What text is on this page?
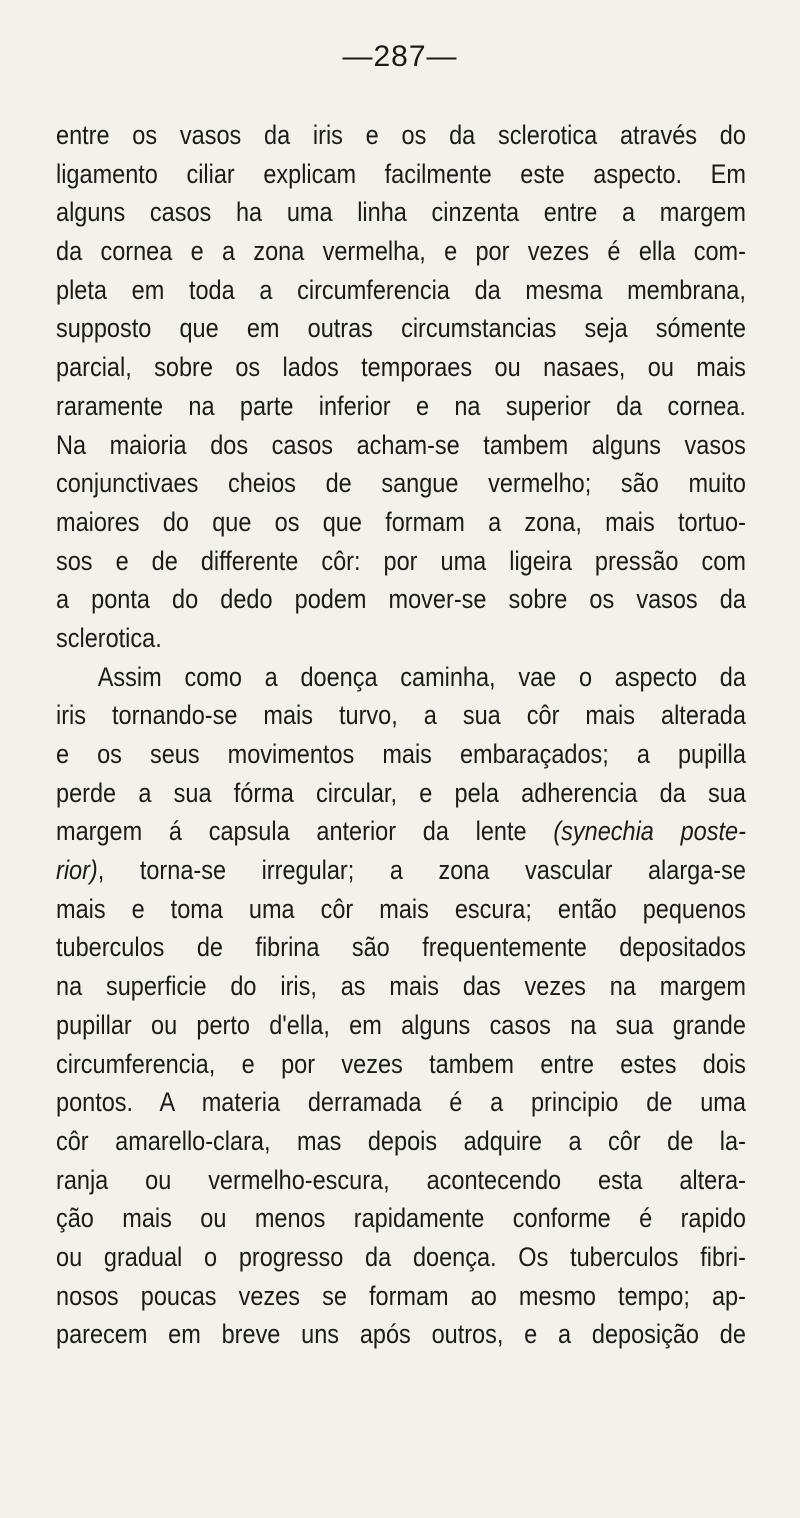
—287—
entre os vasos da iris e os da sclerotica através do
ligamento ciliar explicam facilmente este aspecto. Em
alguns casos ha uma linha cinzenta entre a margem
da cornea e a zona vermelha, e por vezes é ella com-
pleta em toda a circumferencia da mesma membrana,
supposto que em outras circumstancias seja sómente
parcial, sobre os lados temporaes ou nasaes, ou mais
raramente na parte inferior e na superior da cornea.
Na maioria dos casos acham-se tambem alguns vasos
conjunctivaes cheios de sangue vermelho; são muito
maiores do que os que formam a zona, mais tortuo-
sos e de differente côr: por uma ligeira pressão com
a ponta do dedo podem mover-se sobre os vasos da
sclerotica.
Assim como a doença caminha, vae o aspecto da
iris tornando-se mais turvo, a sua côr mais alterada
e os seus movimentos mais embaraçados; a pupilla
perde a sua fórma circular, e pela adherencia da sua
margem á capsula anterior da lente (synechia poste-
rior), torna-se irregular; a zona vascular alarga-se
mais e toma uma côr mais escura; então pequenos
tuberculos de fibrina são frequentemente depositados
na superficie do iris, as mais das vezes na margem
pupillar ou perto d'ella, em alguns casos na sua grande
circumferencia, e por vezes tambem entre estes dois
pontos. A materia derramada é a principio de uma
côr amarello-clara, mas depois adquire a côr de la-
ranja ou vermelho-escura, acontecendo esta altera-
ção mais ou menos rapidamente conforme é rapido
ou gradual o progresso da doença. Os tuberculos fibri-
nosos poucas vezes se formam ao mesmo tempo; ap-
parecem em breve uns após outros, e a deposição de
